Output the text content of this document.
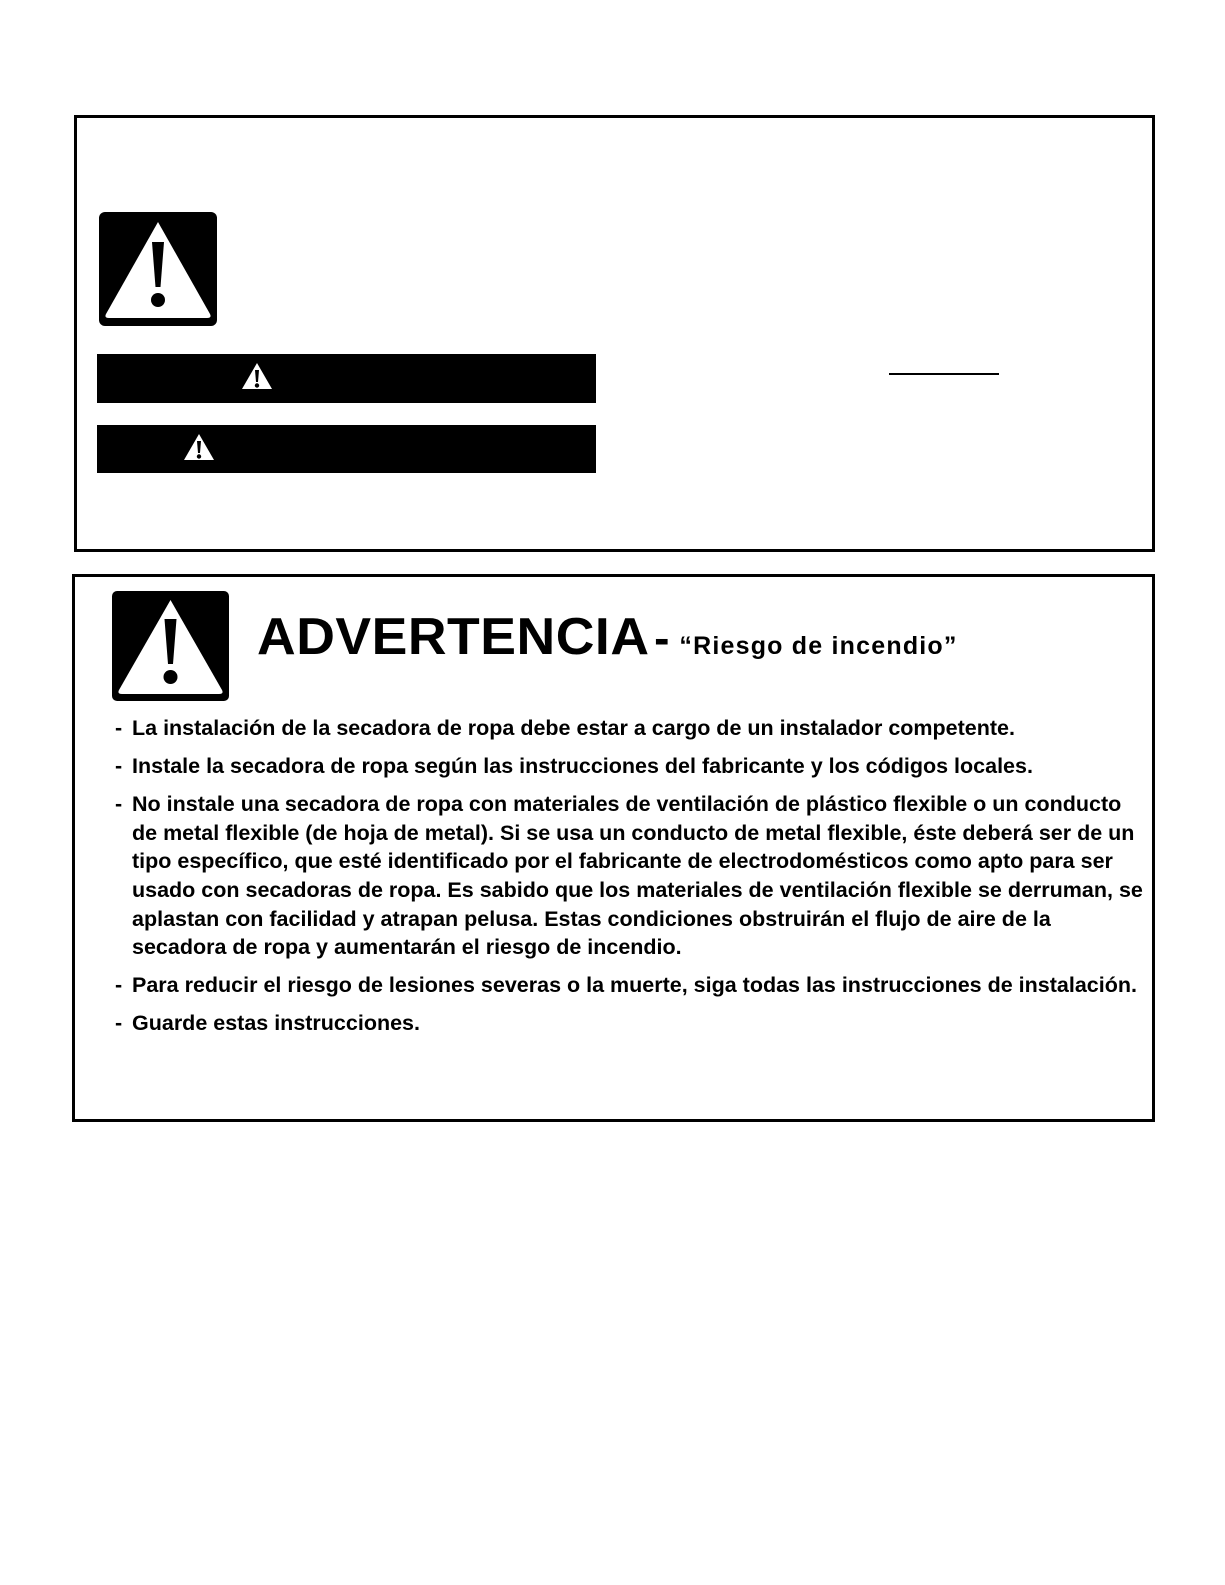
ADVERTENCIA- “Riesgo de incendio”
- La instalación de la secadora de ropa debe estar a cargo de un instalador competente.
- Instale la secadora de ropa según las instrucciones del fabricante y los códigos locales.
- No instale una secadora de ropa con materiales de ventilación de plástico flexible o un conducto de metal flexible (de hoja de metal). Si se usa un conducto de metal flexible, éste deberá ser de un tipo específico, que esté identificado por el fabricante de electrodomésticos como apto para ser usado con secadoras de ropa. Es sabido que los materiales de ventilación flexible se derruman, se aplastan con facilidad y atrapan pelusa. Estas condiciones obstruirán el flujo de aire de la secadora de ropa y aumentarán el riesgo de incendio.
- Para reducir el riesgo de lesiones severas o la muerte, siga todas las instrucciones de instalación.
- Guarde estas instrucciones.
